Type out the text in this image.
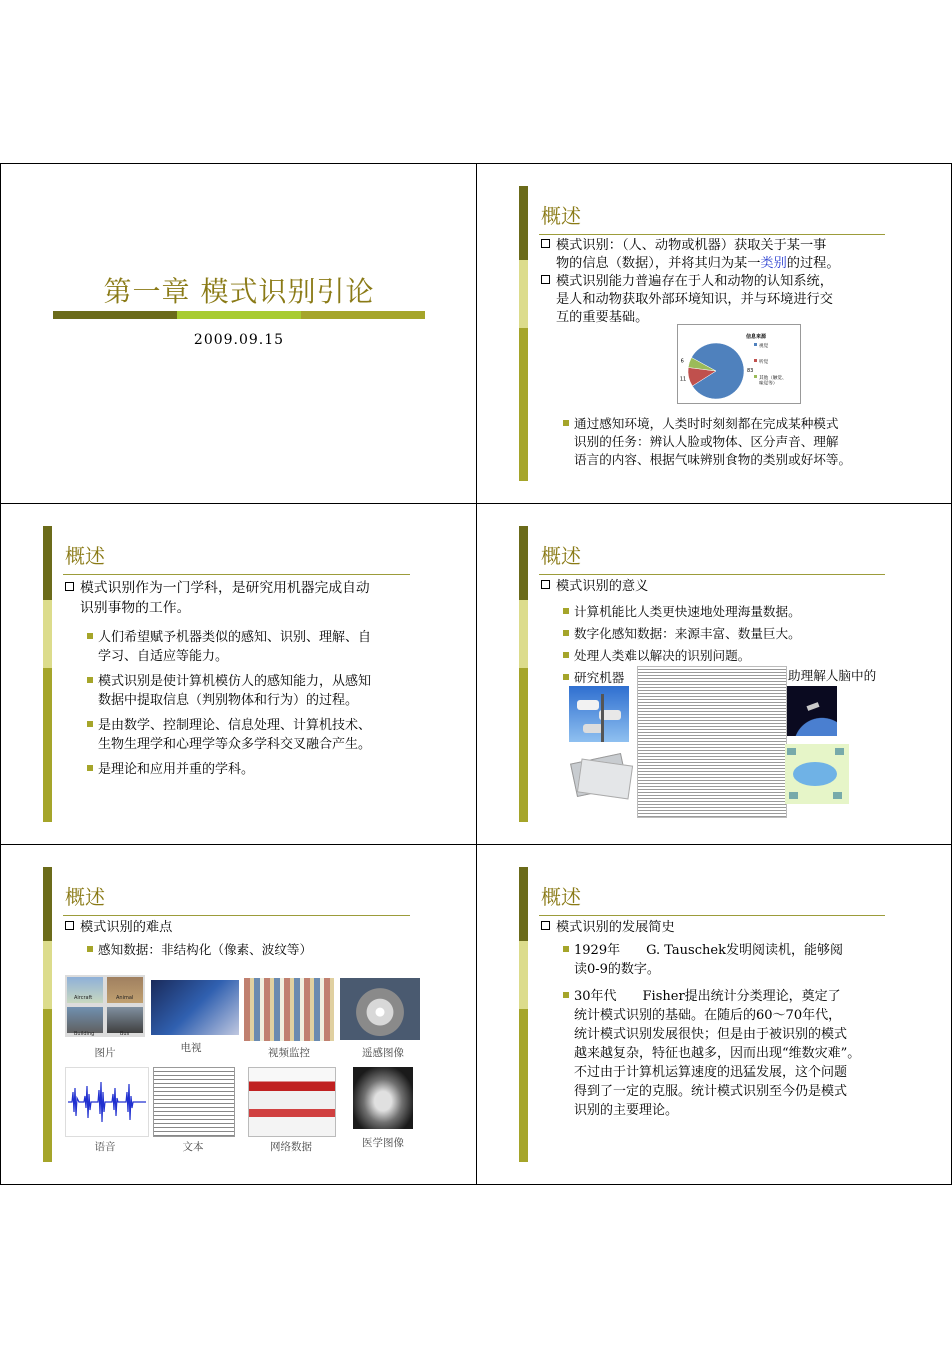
第一章 模式识别引论
2009.09.15
概述
模式识别：（人、动物或机器）获取关于某一事
物的信息（数据），并将其归为某一类别的过程。
模式识别能力普遍存在于人和动物的认知系统，
是人和动物获取外部环境知识，并与环境进行交
互的重要基础。
信息来源
83
11
6
视觉
听觉
其他（触觉、味觉等）
通过感知环境，人类时时刻刻都在完成某种模式
识别的任务：辨认人脸或物体、区分声音、理解
语言的内容、根据气味辨别食物的类别或好坏等。
概述
模式识别作为一门学科，是研究用机器完成自动
识别事物的工作。
人们希望赋予机器类似的感知、识别、理解、自
学习、自适应等能力。
模式识别是使计算机模仿人的感知能力，从感知
数据中提取信息（判别物体和行为）的过程。
是由数学、控制理论、信息处理、计算机技术、
生物生理学和心理学等众多学科交叉融合产生。
是理论和应用并重的学科。
概述
模式识别的意义
计算机能比人类更快速地处理海量数据。
数字化感知数据：来源丰富、数量巨大。
处理人类难以解决的识别问题。
研究机器	助理解人脑中的
概述
模式识别的难点
感知数据：非结构化（像素、波纹等）
Aircraft	Animal
Building	Bus
图片	电视	视频监控	遥感图像
语音	文本	网络数据	医学图像
概述
模式识别的发展简史
1929年　　G. Tauschek发明阅读机，能够阅
读0-9的数字。
30年代　　Fisher提出统计分类理论，奠定了
统计模式识别的基础。在随后的60～70年代，
统计模式识别发展很快；但是由于被识别的模式
越来越复杂，特征也越多，因而出现“维数灾难”。
不过由于计算机运算速度的迅猛发展，这个问题
得到了一定的克服。统计模式识别至今仍是模式
识别的主要理论。
